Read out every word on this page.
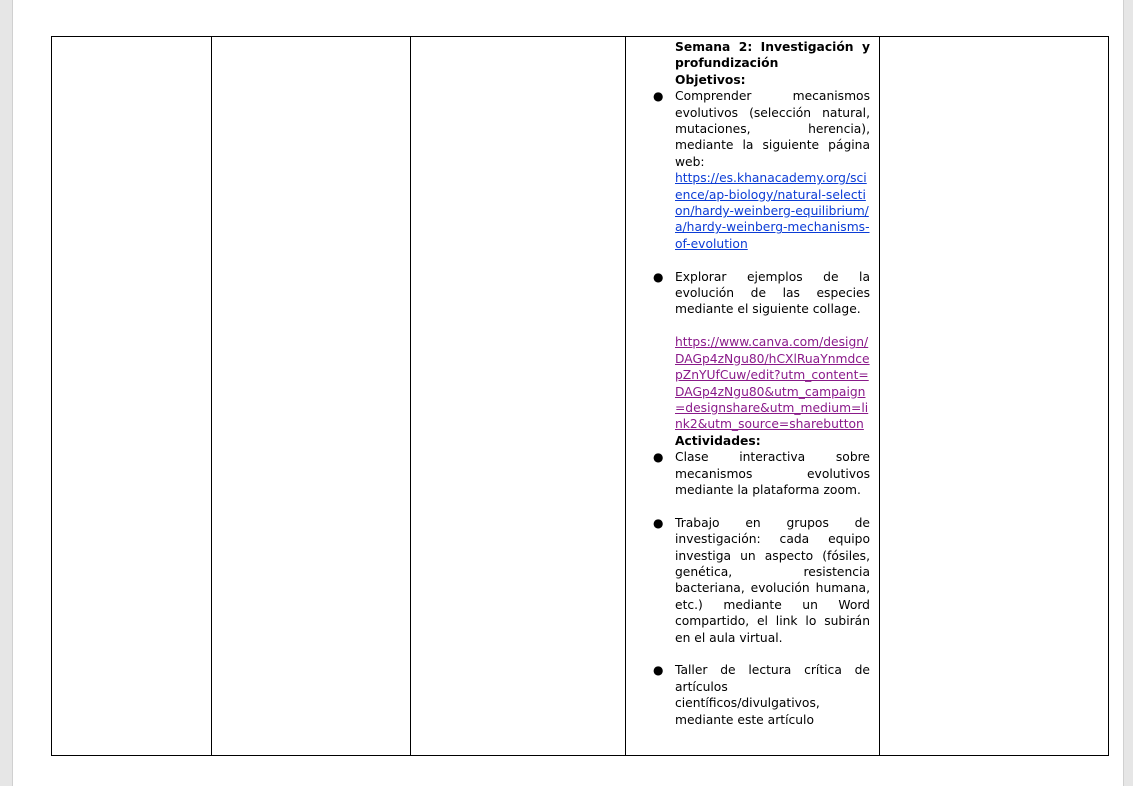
Semana 2: Investigación y profundización

Objetivos:

● Comprender mecanismos evolutivos (selección natural, mutaciones, herencia), mediante la siguiente página web:

https://es.khanacademy.org/science/ap-biology/natural-selection/hardy-weinberg-equilibrium/a/hardy-weinberg-mechanisms-of-evolution
● Explorar ejemplos de la evolución de las especies mediante el siguiente collage.

https://www.canva.com/design/DAGp4zNgu80/hCXlRuaYnmdcepZnYUfCuw/edit?utm_content=DAGp4zNgu80&utm_campaign=designshare&utm_medium=link2&utm_source=sharebutton

Actividades:

● Clase interactiva sobre mecanismos evolutivos mediante la plataforma zoom.

● Trabajo en grupos de investigación: cada equipo investiga un aspecto (fósiles, genética, resistencia bacteriana, evolución humana, etc.) mediante un Word compartido, el link lo subirán en el aula virtual.

● Taller de lectura crítica de artículos científicos/divulgativos, mediante este artículo
